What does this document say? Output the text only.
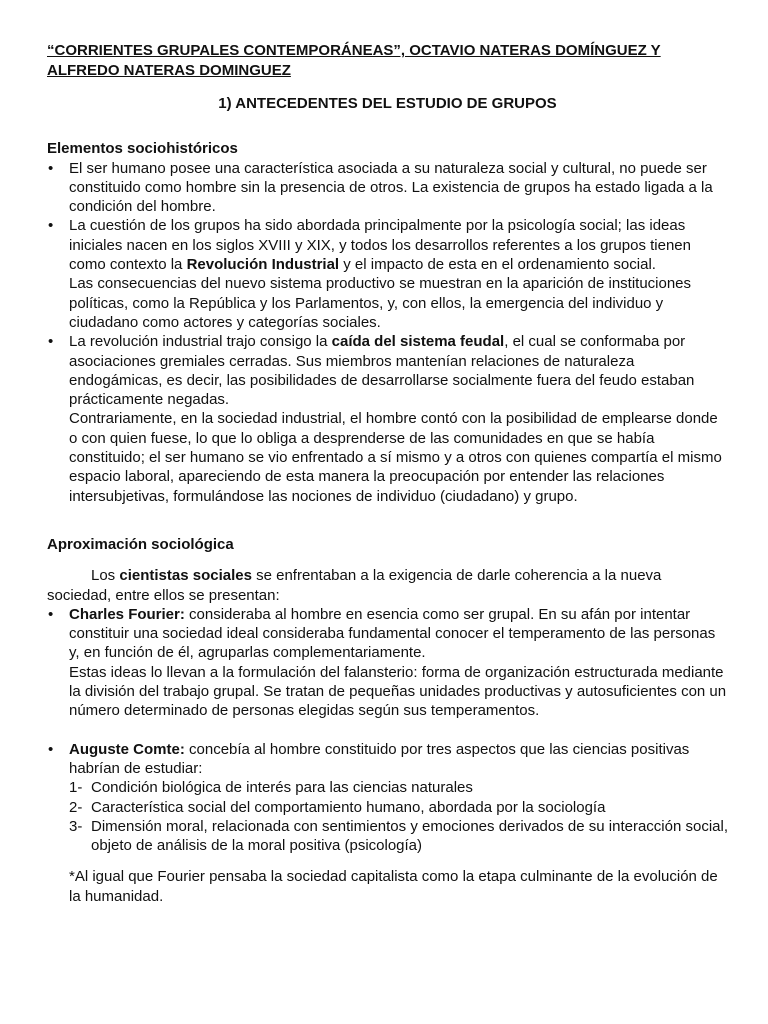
“CORRIENTES GRUPALES CONTEMPORÁNEAS”, OCTAVIO NATERAS DOMÍNGUEZ Y ALFREDO NATERAS DOMINGUEZ

1) ANTECEDENTES DEL ESTUDIO DE GRUPOS

Elementos sociohistóricos

• El ser humano posee una característica asociada a su naturaleza social y cultural, no puede ser constituido como hombre sin la presencia de otros. La existencia de grupos ha estado ligada a la condición del hombre.

• La cuestión de los grupos ha sido abordada principalmente por la psicología social; las ideas iniciales nacen en los siglos XVIII y XIX, y todos los desarrollos referentes a los grupos tienen como contexto la Revolución Industrial y el impacto de esta en el ordenamiento social.

Las consecuencias del nuevo sistema productivo se muestran en la aparición de instituciones políticas, como la República y los Parlamentos, y, con ellos, la emergencia del individuo y ciudadano como actores y categorías sociales.

• La revolución industrial trajo consigo la caída del sistema feudal, el cual se conformaba por asociaciones gremiales cerradas. Sus miembros mantenían relaciones de naturaleza endogámicas, es decir, las posibilidades de desarrollarse socialmente fuera del feudo estaban prácticamente negadas.

Contrariamente, en la sociedad industrial, el hombre contó con la posibilidad de emplearse donde o con quien fuese, lo que lo obliga a desprenderse de las comunidades en que se había constituido; el ser humano se vio enfrentado a sí mismo y a otros con quienes compartía el mismo espacio laboral, apareciendo de esta manera la preocupación por entender las relaciones intersubjetivas, formulándose las nociones de individuo (ciudadano) y grupo.

Aproximación sociológica

Los cientistas sociales se enfrentaban a la exigencia de darle coherencia a la nueva sociedad, entre ellos se presentan:

• Charles Fourier: consideraba al hombre en esencia como ser grupal. En su afán por intentar constituir una sociedad ideal consideraba fundamental conocer el temperamento de las personas y, en función de él, agruparlas complementariamente.

Estas ideas lo llevan a la formulación del falansterio: forma de organización estructurada mediante la división del trabajo grupal. Se tratan de pequeñas unidades productivas y autosuficientes con un número determinado de personas elegidas según sus temperamentos.

• Auguste Comte: concebía al hombre constituido por tres aspectos que las ciencias positivas habrían de estudiar:

1- Condición biológica de interés para las ciencias naturales
2- Característica social del comportamiento humano, abordada por la sociología
3- Dimensión moral, relacionada con sentimientos y emociones derivados de su interacción social, objeto de análisis de la moral positiva (psicología)

*Al igual que Fourier pensaba la sociedad capitalista como la etapa culminante de la evolución de la humanidad.
